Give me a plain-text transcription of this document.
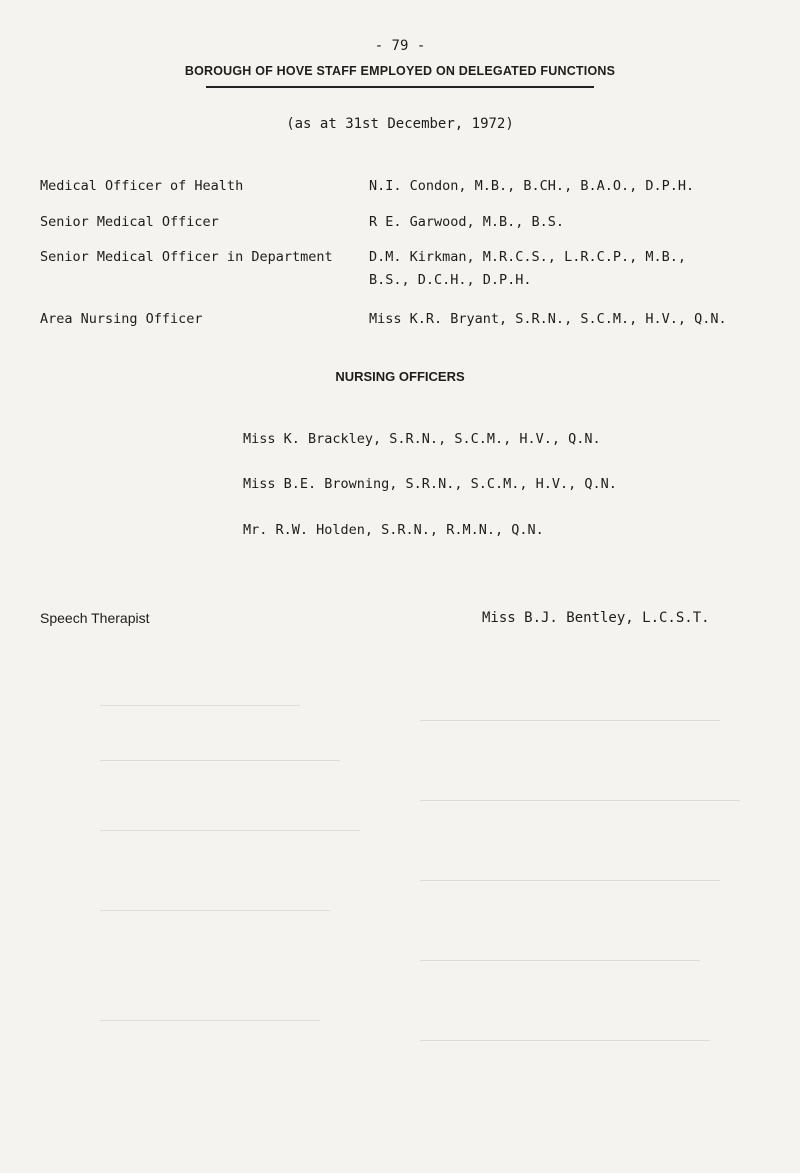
- 79 -
BOROUGH OF HOVE STAFF EMPLOYED ON DELEGATED FUNCTIONS
(as at 31st December, 1972)
Medical Officer of Health	N.I. Condon, M.B., B.CH., B.A.O., D.P.H.
Senior Medical Officer	R E. Garwood, M.B., B.S.
Senior Medical Officer in Department	D.M. Kirkman, M.R.C.S., L.R.C.P., M.B.,
B.S., D.C.H., D.P.H.
Area Nursing Officer	Miss K.R. Bryant, S.R.N., S.C.M., H.V., Q.N.
NURSING OFFICERS
Miss K. Brackley, S.R.N., S.C.M., H.V., Q.N.
Miss B.E. Browning, S.R.N., S.C.M., H.V., Q.N.
Mr. R.W. Holden, S.R.N., R.M.N., Q.N.
Speech Therapist	Miss B.J. Bentley, L.C.S.T.
